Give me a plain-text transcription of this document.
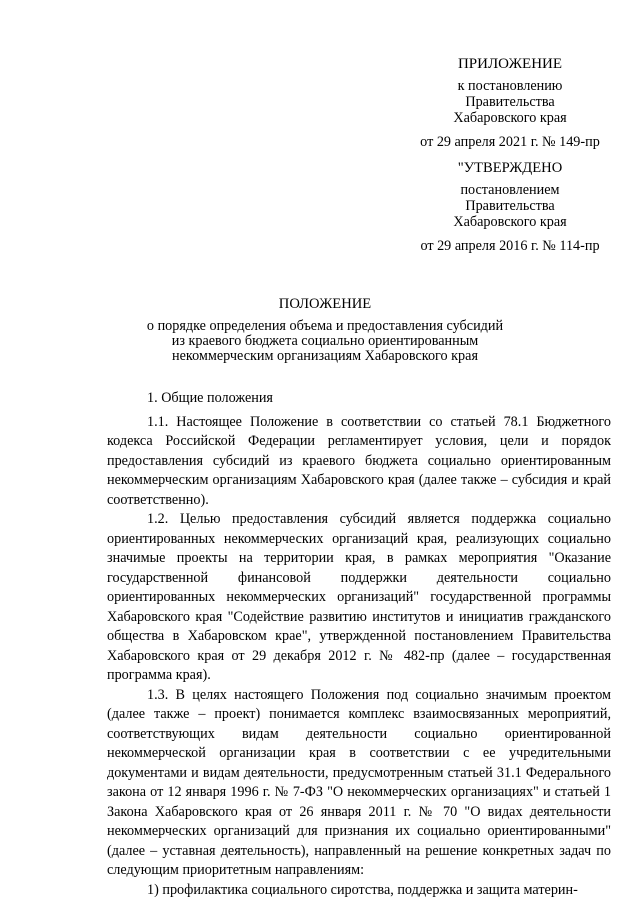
ПРИЛОЖЕНИЕ
к постановлению
Правительства
Хабаровского края
от 29 апреля 2021 г. № 149-пр
"УТВЕРЖДЕНО
постановлением
Правительства
Хабаровского края
от 29 апреля 2016 г. № 114-пр
ПОЛОЖЕНИЕ
о порядке определения объема и предоставления субсидий
из краевого бюджета социально ориентированным
некоммерческим организациям Хабаровского края
1. Общие положения

1.1. Настоящее Положение в соответствии со статьей 78.1 Бюджетного кодекса Российской Федерации регламентирует условия, цели и порядок предоставления субсидий из краевого бюджета социально ориентированным некоммерческим организациям Хабаровского края (далее также – субсидия и край соответственно).

1.2. Целью предоставления субсидий является поддержка социально ориентированных некоммерческих организаций края, реализующих социально значимые проекты на территории края, в рамках мероприятия "Оказание государственной финансовой поддержки деятельности социально ориентированных некоммерческих организаций" государственной программы Хабаровского края "Содействие развитию институтов и инициатив гражданского общества в Хабаровском крае", утвержденной постановлением Правительства Хабаровского края от 29 декабря 2012 г. № 482-пр (далее – государственная программа края).

1.3. В целях настоящего Положения под социально значимым проектом (далее также – проект) понимается комплекс взаимосвязанных мероприятий, соответствующих видам деятельности социально ориентированной некоммерческой организации края в соответствии с ее учредительными документами и видам деятельности, предусмотренным статьей 31.1 Федерального закона от 12 января 1996 г. № 7-ФЗ "О некоммерческих организациях" и статьей 1 Закона Хабаровского края от 26 января 2011 г. № 70 "О видах деятельности некоммерческих организаций для признания их социально ориентированными" (далее – уставная деятельность), направленный на решение конкретных задач по следующим приоритетным направлениям:

1) профилактика социального сиротства, поддержка и защита материн-
